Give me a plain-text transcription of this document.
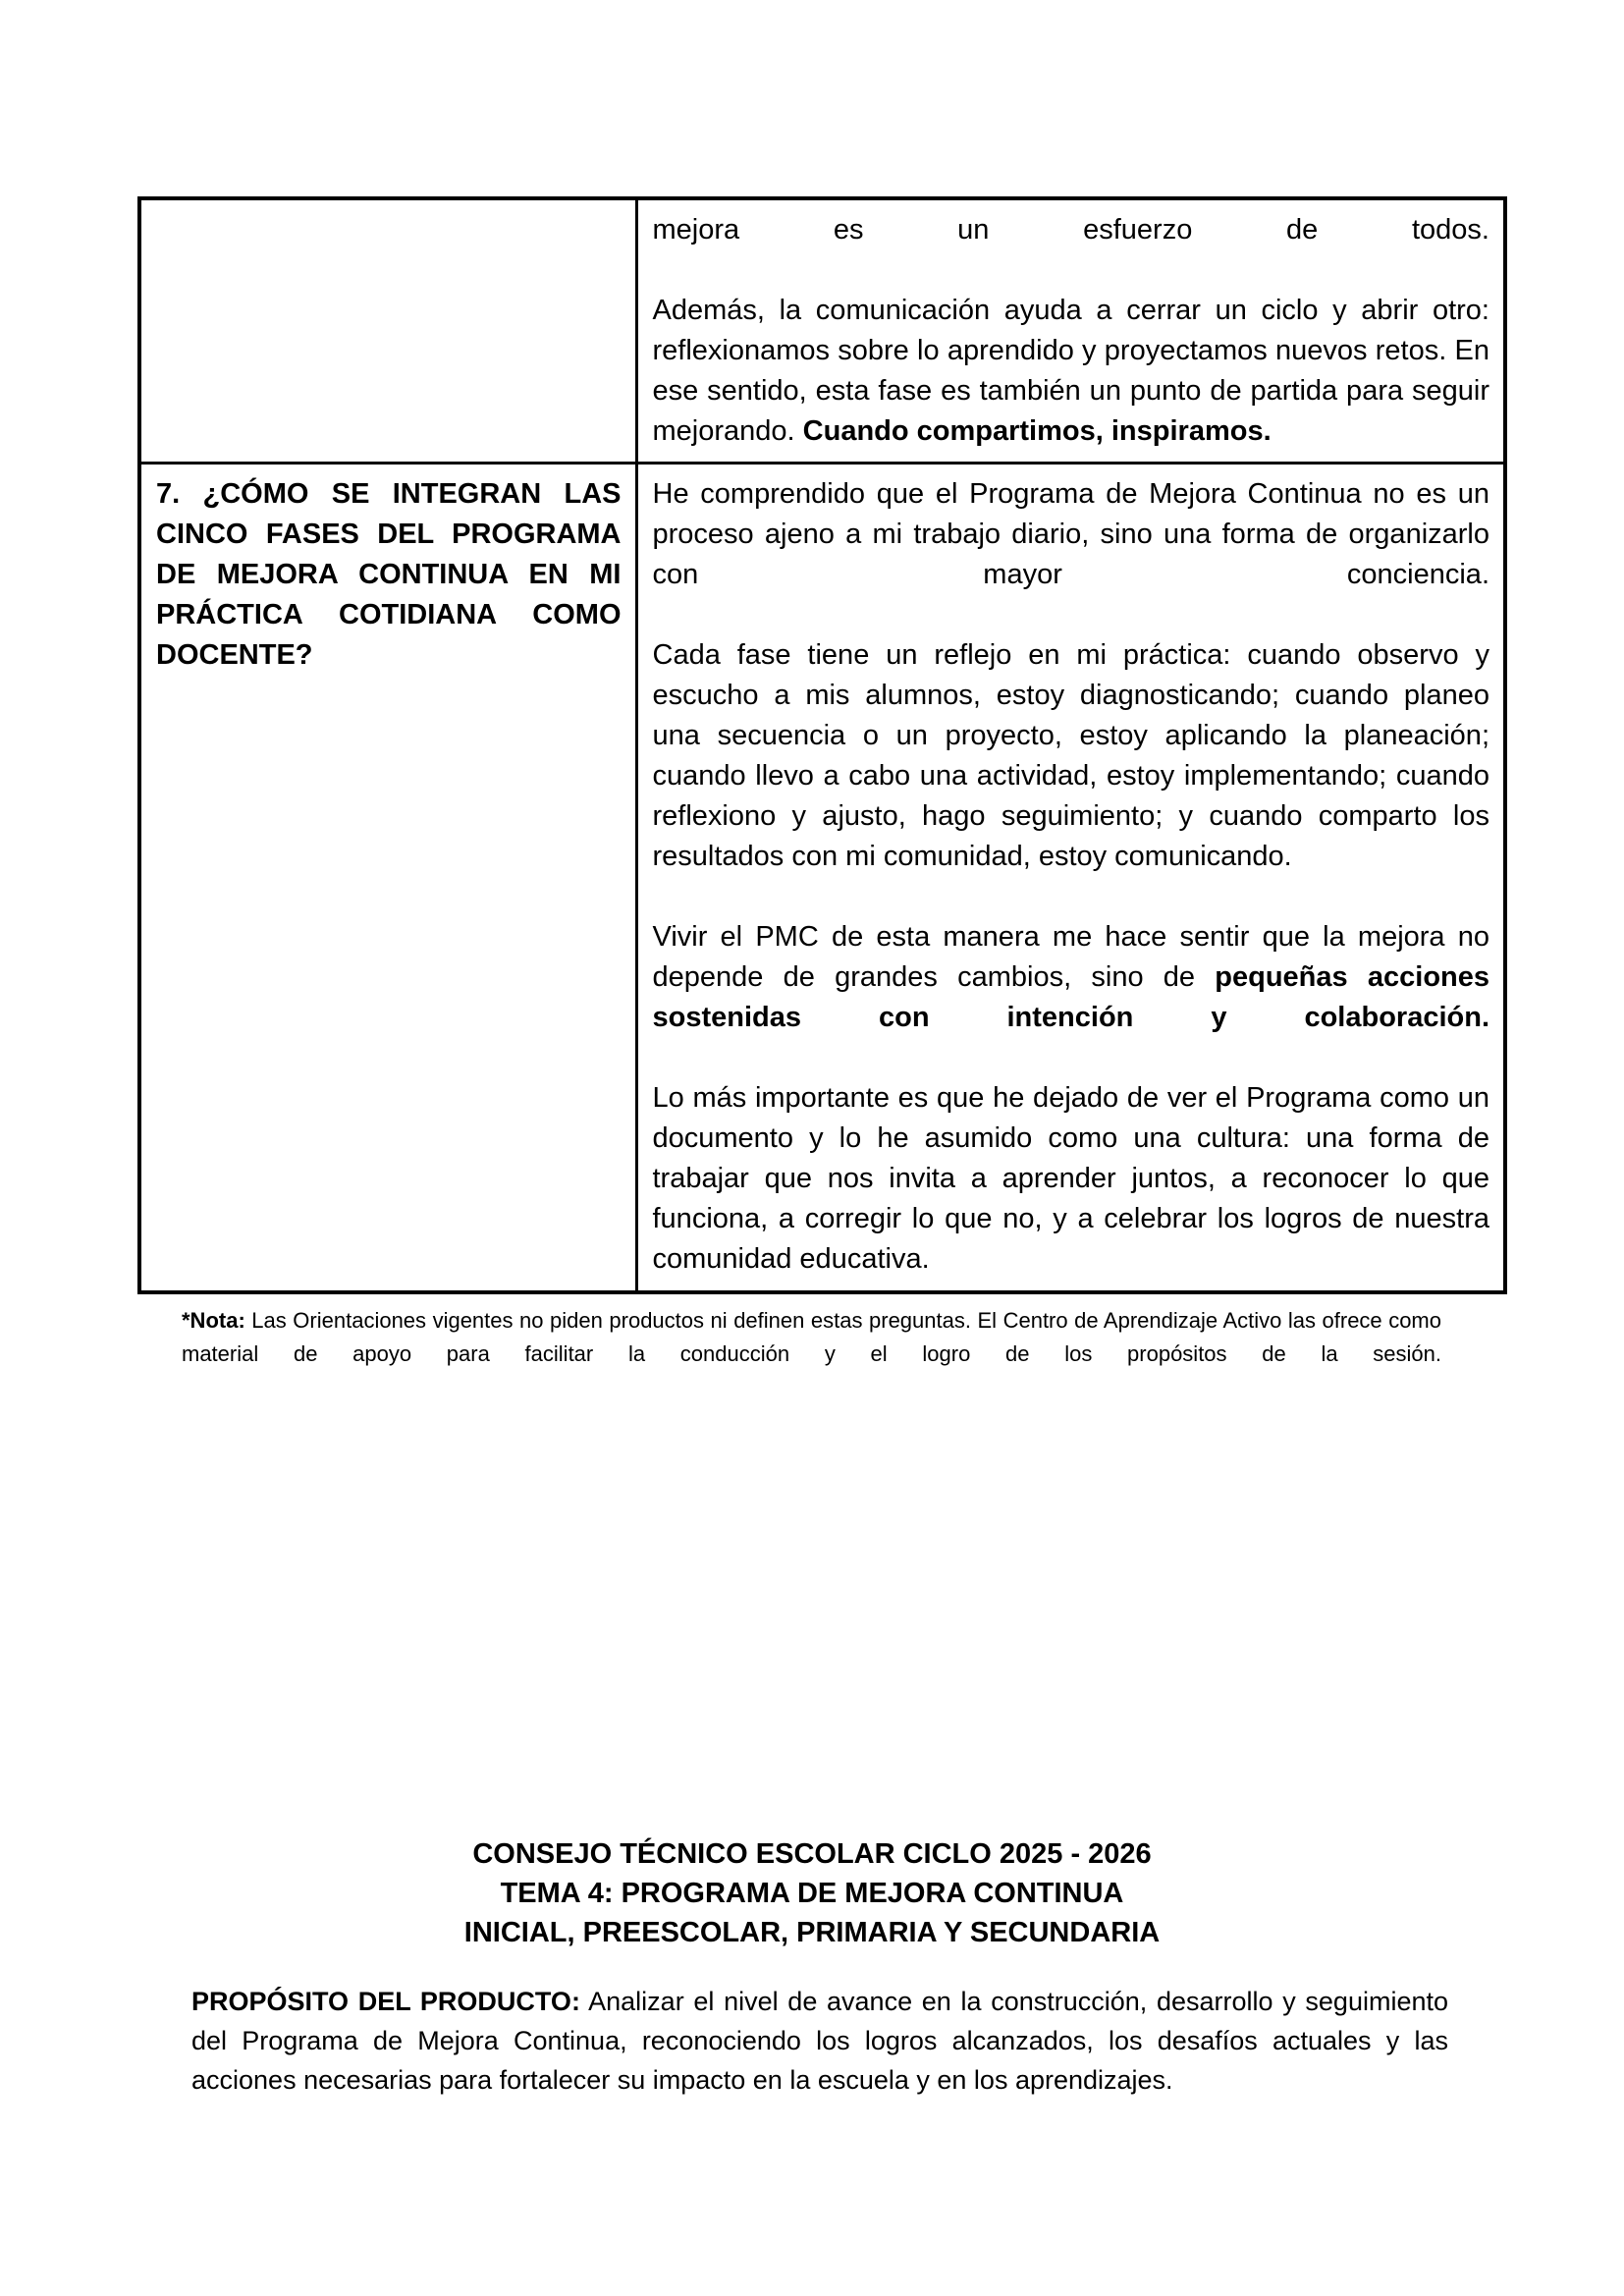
	mejora es un esfuerzo de todos.

Además, la comunicación ayuda a cerrar un ciclo y abrir otro: reflexionamos sobre lo aprendido y proyectamos nuevos retos. En ese sentido, esta fase es también un punto de partida para seguir mejorando. Cuando compartimos, inspiramos.

7. ¿CÓMO SE INTEGRAN LAS CINCO FASES DEL PROGRAMA DE MEJORA CONTINUA EN MI PRÁCTICA COTIDIANA COMO DOCENTE?	He comprendido que el Programa de Mejora Continua no es un proceso ajeno a mi trabajo diario, sino una forma de organizarlo con mayor conciencia.

Cada fase tiene un reflejo en mi práctica: cuando observo y escucho a mis alumnos, estoy diagnosticando; cuando planeo una secuencia o un proyecto, estoy aplicando la planeación; cuando llevo a cabo una actividad, estoy implementando; cuando reflexiono y ajusto, hago seguimiento; y cuando comparto los resultados con mi comunidad, estoy comunicando.

Vivir el PMC de esta manera me hace sentir que la mejora no depende de grandes cambios, sino de pequeñas acciones sostenidas con intención y colaboración.

Lo más importante es que he dejado de ver el Programa como un documento y lo he asumido como una cultura: una forma de trabajar que nos invita a aprender juntos, a reconocer lo que funciona, a corregir lo que no, y a celebrar los logros de nuestra comunidad educativa.

*Nota: Las Orientaciones vigentes no piden productos ni definen estas preguntas. El Centro de Aprendizaje Activo las ofrece como material de apoyo para facilitar la conducción y el logro de los propósitos de la sesión.
CONSEJO TÉCNICO ESCOLAR CICLO 2025 - 2026
TEMA 4: PROGRAMA DE MEJORA CONTINUA
INICIAL, PREESCOLAR, PRIMARIA Y SECUNDARIA
PROPÓSITO DEL PRODUCTO: Analizar el nivel de avance en la construcción, desarrollo y seguimiento del Programa de Mejora Continua, reconociendo los logros alcanzados, los desafíos actuales y las acciones necesarias para fortalecer su impacto en la escuela y en los aprendizajes.
